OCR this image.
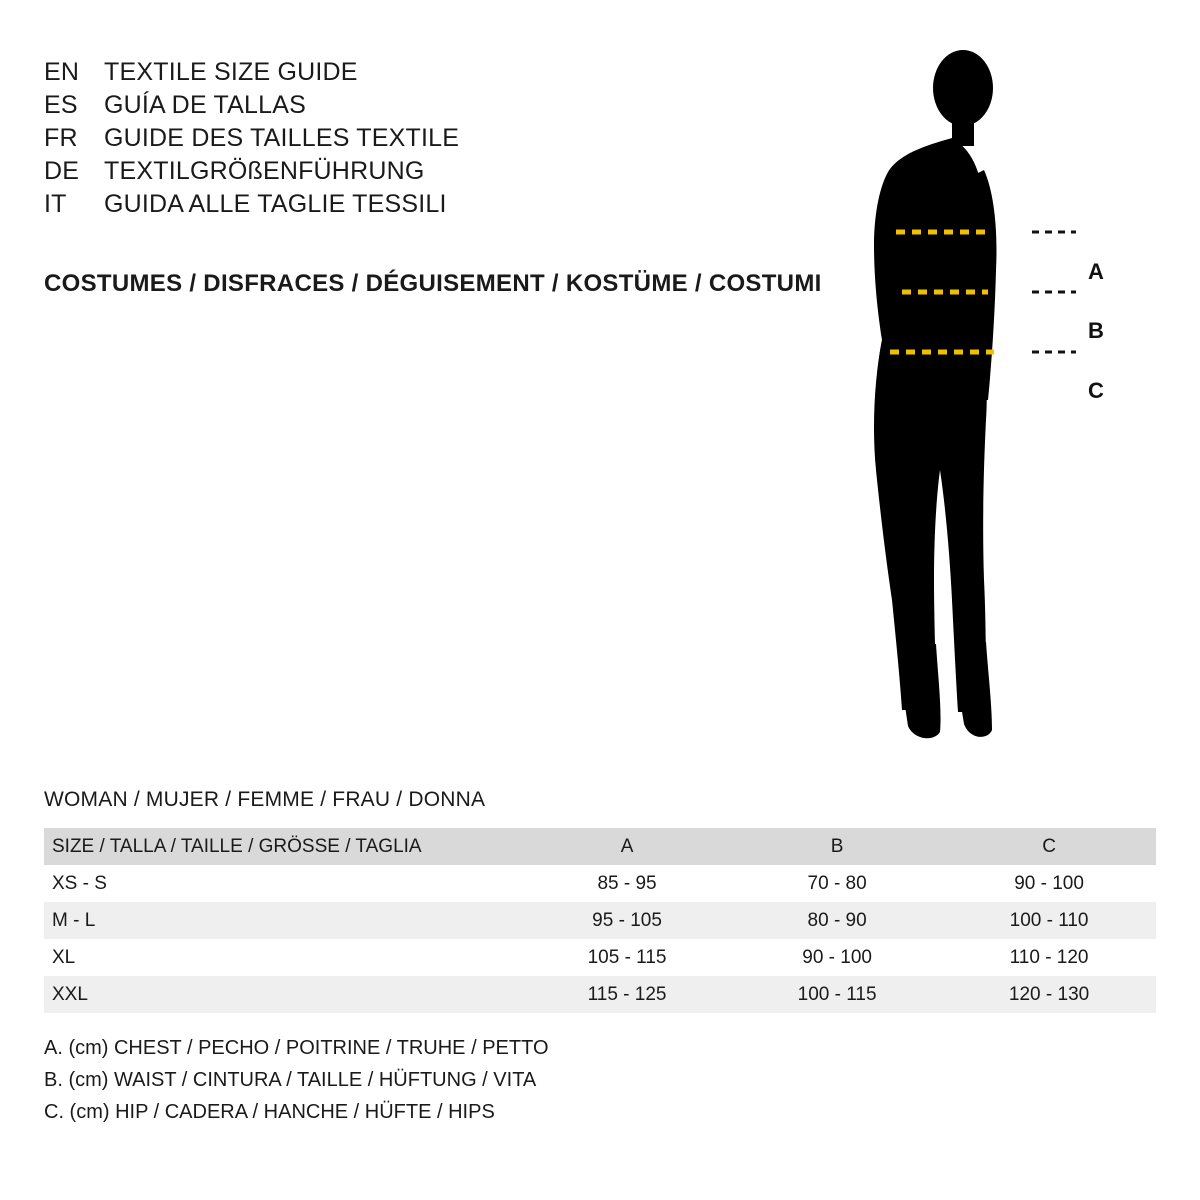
EN TEXTILE SIZE GUIDE
ES	GUÍA DE TALLAS
FR	GUIDE DES TAILLES TEXTILE
DE TEXTILGRÖßENFÜHRUNG
IT	GUIDA ALLE TAGLIE TESSILI
COSTUMES / DISFRACES / DÉGUISEMENT / KOSTÜME / COSTUMI	A
B
C
WOMAN / MUJER / FEMME / FRAU / DONNA
SIZE / TALLA / TAILLE / GRÖSSE / TAGLIA	A	B	C
XS - S	85 - 95	70 - 80	90 - 100
M - L	95 - 105	80 - 90	100 - 110
XL	105 - 115	90 - 100	110 - 120
XXL	115 - 125	100 - 115	120 - 130
A. (cm) CHEST / PECHO / POITRINE / TRUHE / PETTO
B. (cm) WAIST / CINTURA / TAILLE / HÜFTUNG / VITA
C. (cm) HIP / CADERA / HANCHE / HÜFTE / HIPS
